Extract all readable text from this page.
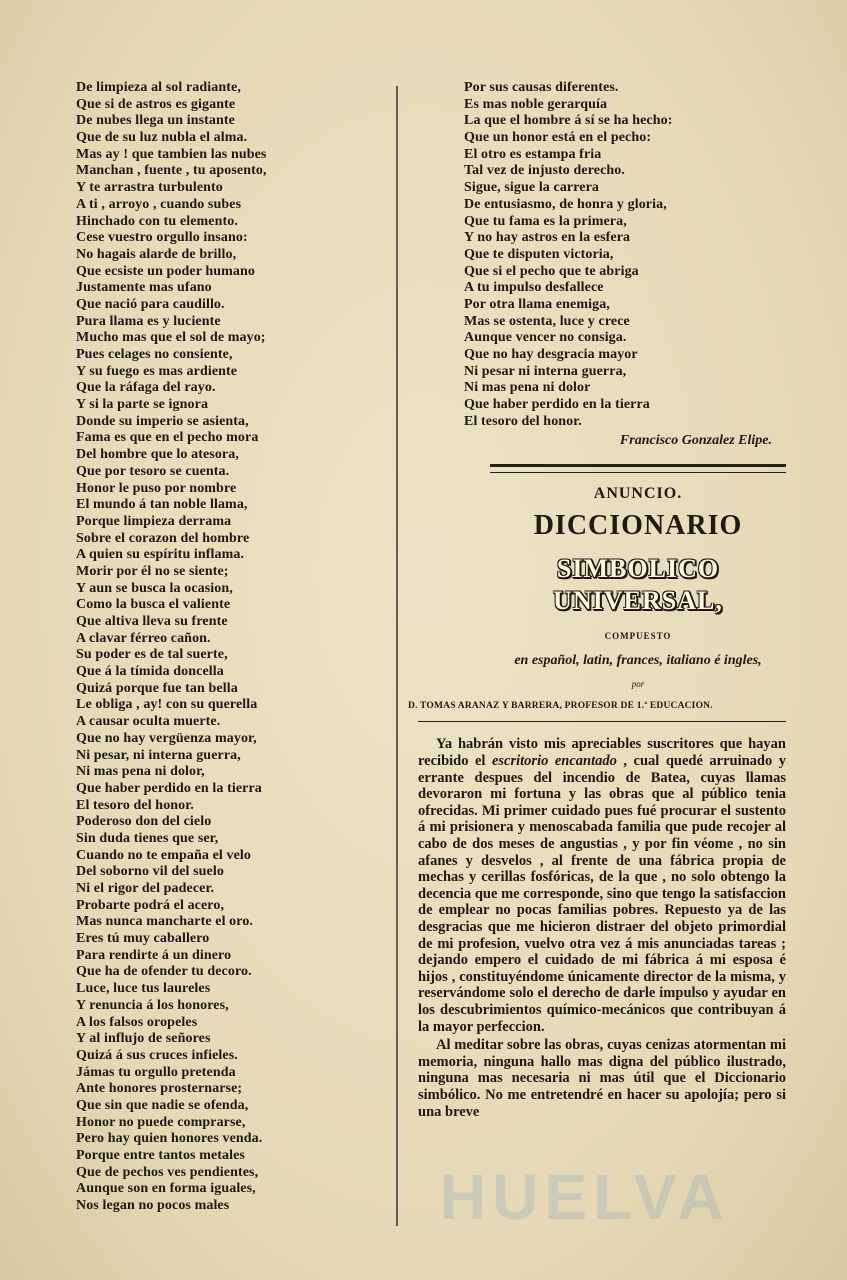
De limpieza al sol radiante,
Que si de astros es gigante
De nubes llega un instante
Que de su luz nubla el alma.
Mas ay ! que tambien las nubes
Manchan , fuente , tu aposento,
Y te arrastra turbulento
A ti , arroyo , cuando subes
Hinchado con tu elemento.
Cese vuestro orgullo insano:
No hagais alarde de brillo,
Que ecsiste un poder humano
Justamente mas ufano
Que nació para caudillo.
Pura llama es y luciente
Mucho mas que el sol de mayo;
Pues celages no consiente,
Y su fuego es mas ardiente
Que la ráfaga del rayo.
Y si la parte se ignora
Donde su imperio se asienta,
Fama es que en el pecho mora
Del hombre que lo atesora,
Que por tesoro se cuenta.
Honor le puso por nombre
El mundo á tan noble llama,
Porque limpieza derrama
Sobre el corazon del hombre
A quien su espíritu inflama.
Morir por él no se siente;
Y aun se busca la ocasion,
Como la busca el valiente
Que altiva lleva su frente
A clavar férreo cañon.
Su poder es de tal suerte,
Que á la tímida doncella
Quizá porque fue tan bella
Le obliga , ay! con su querella
A causar oculta muerte.
Que no hay vergüenza mayor,
Ni pesar, ni interna guerra,
Ni mas pena ni dolor,
Que haber perdido en la tierra
El tesoro del honor.
Poderoso don del cielo
Sin duda tienes que ser,
Cuando no te empaña el velo
Del soborno vil del suelo
Ni el rigor del padecer.
Probarte podrá el acero,
Mas nunca mancharte el oro.
Eres tú muy caballero
Para rendirte á un dinero
Que ha de ofender tu decoro.
Luce, luce tus laureles
Y renuncia á los honores,
A los falsos oropeles
Y al influjo de señores
Quizá á sus cruces infieles.
Jámas tu orgullo pretenda
Ante honores prosternarse;
Que sin que nadie se ofenda,
Honor no puede comprarse,
Pero hay quien honores venda.
Porque entre tantos metales
Que de pechos ves pendientes,
Aunque son en forma iguales,
Nos legan no pocos males
Por sus causas diferentes.
Es mas noble gerarquía
La que el hombre á sí se ha hecho:
Que un honor está en el pecho:
El otro es estampa fria
Tal vez de injusto derecho.
Sigue, sigue la carrera
De entusiasmo, de honra y gloria,
Que tu fama es la primera,
Y no hay astros en la esfera
Que te disputen victoria,
Que si el pecho que te abriga
A tu impulso desfallece
Por otra llama enemiga,
Mas se ostenta, luce y crece
Aunque vencer no consiga.
Que no hay desgracia mayor
Ni pesar ni interna guerra,
Ni mas pena ni dolor
Que haber perdido en la tierra
El tesoro del honor.
Francisco Gonzalez Elipe.
ANUNCIO.
DICCIONARIO
SIMBOLICO UNIVERSAL,
COMPUESTO
en español, latin, frances, italiano é ingles,
por
D. TOMAS ARANAZ Y BARRERA, PROFESOR DE 1.ª EDUCACION.

Ya habrán visto mis apreciables suscritores que hayan recibido el escritorio encantado , cual quedé arruinado y errante despues del incendio de Batea, cuyas llamas devoraron mi fortuna y las obras que al público tenia ofrecidas. Mi primer cuidado pues fué procurar el sustento á mi prisionera y menoscabada familia que pude recojer al cabo de dos meses de angustias , y por fin véome , no sin afanes y desvelos , al frente de una fábrica propia de mechas y cerillas fosfóricas, de la que , no solo obtengo la decencia que me corresponde, sino que tengo la satisfaccion de emplear no pocas familias pobres. Repuesto ya de las desgracias que me hicieron distraer del objeto primordial de mi profesion, vuelvo otra vez á mis anunciadas tareas ; dejando empero el cuidado de mi fábrica á mi esposa é hijos , constituyéndome únicamente director de la misma, y reservándome solo el derecho de darle impulso y ayudar en los descubrimientos químico-mecánicos que contribuyan á la mayor perfeccion.

Al meditar sobre las obras, cuyas cenizas atormentan mi memoria, ninguna hallo mas digna del público ilustrado, ninguna mas necesaria ni mas útil que el Diccionario simbólico. No me entretendré en hacer su apolojía; pero si una breve

HUELVA
